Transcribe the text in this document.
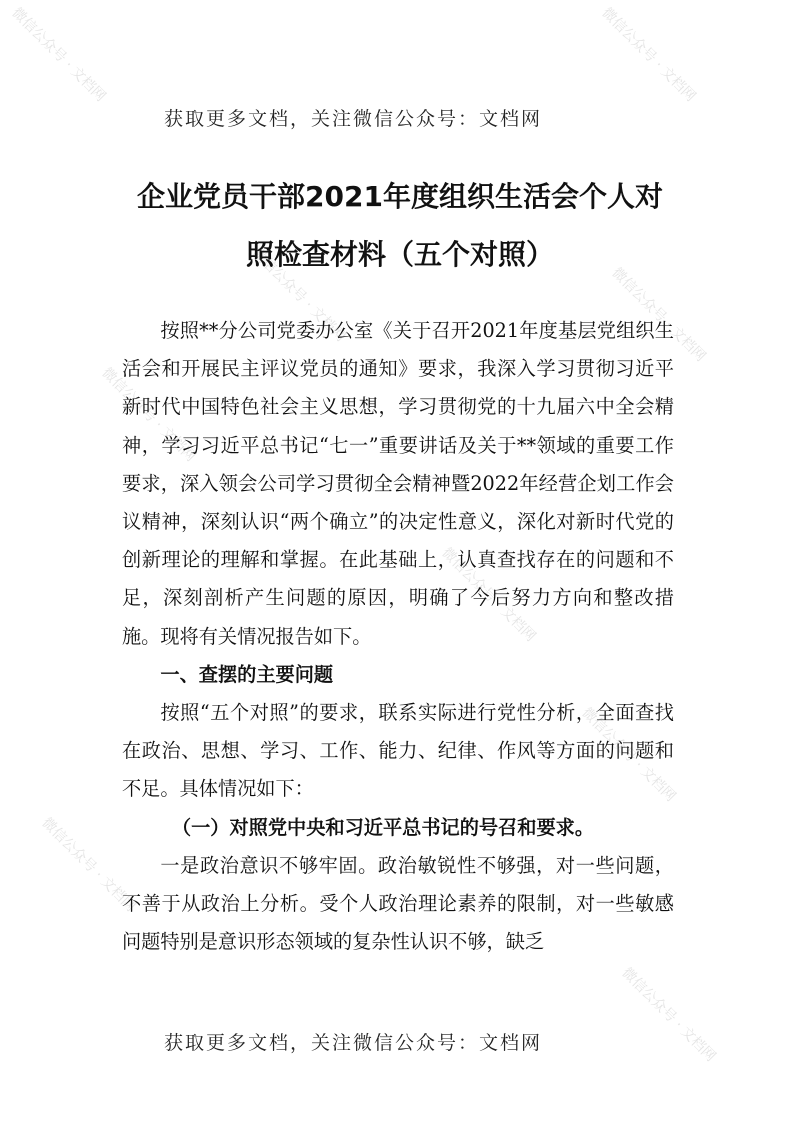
微信公众号 · 文档网	微信公众号 · 文档网
微信公众号 · 文档网	微信公众号 · 文档网
微信公众号 · 文档网
微信公众号 · 文档网
微信公众号 · 文档网
微信公众号 · 文档网
微信公众号 · 文档网
获取更多文档，关注微信公众号：文档网
企业党员干部2021年度组织生活会个人对
照检查材料（五个对照）

按照**分公司党委办公室《关于召开2021年度基层党组织生活会和开展民主评议党员的通知》要求，我深入学习贯彻习近平新时代中国特色社会主义思想，学习贯彻党的十九届六中全会精神，学习习近平总书记“七一”重要讲话及关于**领域的重要工作要求，深入领会公司学习贯彻全会精神暨2022年经营企划工作会议精神，深刻认识“两个确立”的决定性意义，深化对新时代党的创新理论的理解和掌握。在此基础上，认真查找存在的问题和不足，深刻剖析产生问题的原因，明确了今后努力方向和整改措施。现将有关情况报告如下。

一、查摆的主要问题

按照“五个对照”的要求，联系实际进行党性分析，全面查找在政治、思想、学习、工作、能力、纪律、作风等方面的问题和不足。具体情况如下：

（一）对照党中央和习近平总书记的号召和要求。

一是政治意识不够牢固。政治敏锐性不够强，对一些问题，不善于从政治上分析。受个人政治理论素养的限制，对一些敏感问题特别是意识形态领域的复杂性认识不够，缺乏

获取更多文档，关注微信公众号：文档网
